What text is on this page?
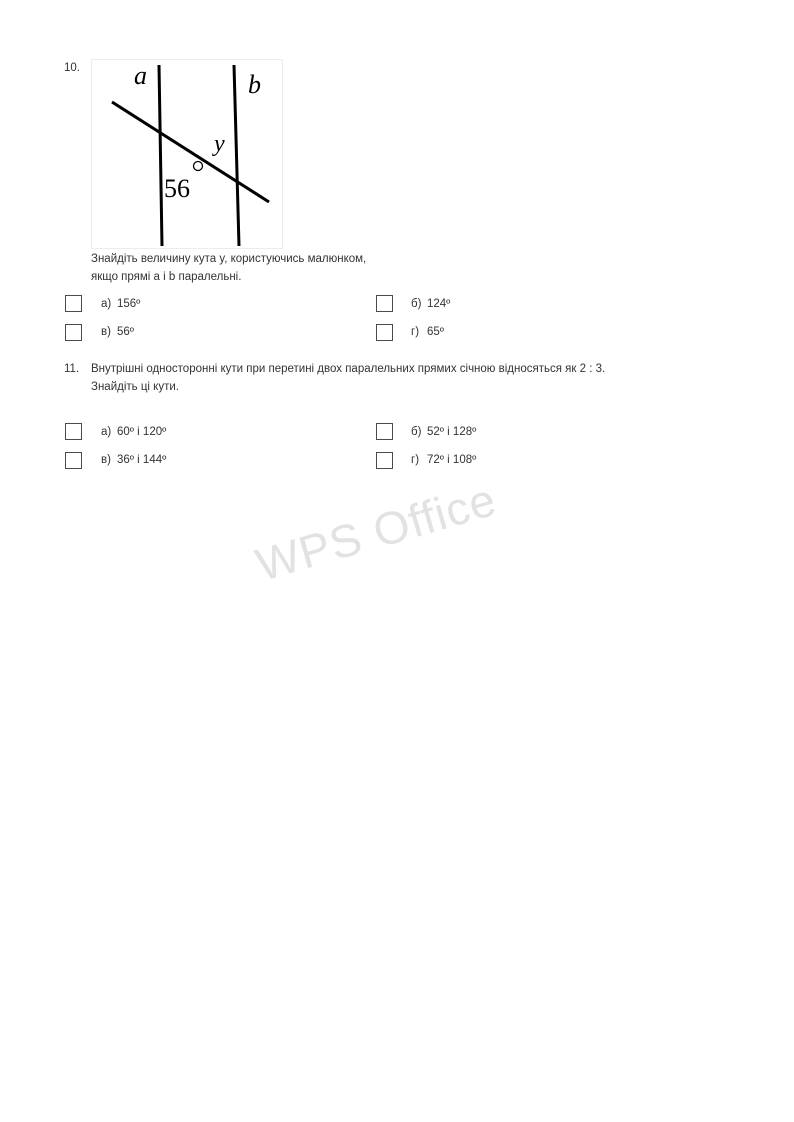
10. a	b
y
56
Знайдіть величину кута y, користуючись малюнком,
якщо прямі a і b паралельні.
а) 156º	б) 124º
в) 56º	г) 65º
11. Внутрішні односторонні кути при перетині двох паралельних прямих січною відносяться як 2 : 3.
Знайдіть ці кути.
а) 60º і 120º	б) 52º і 128º
в) 36º і 144º	г) 72º і 108º
WPS Office
